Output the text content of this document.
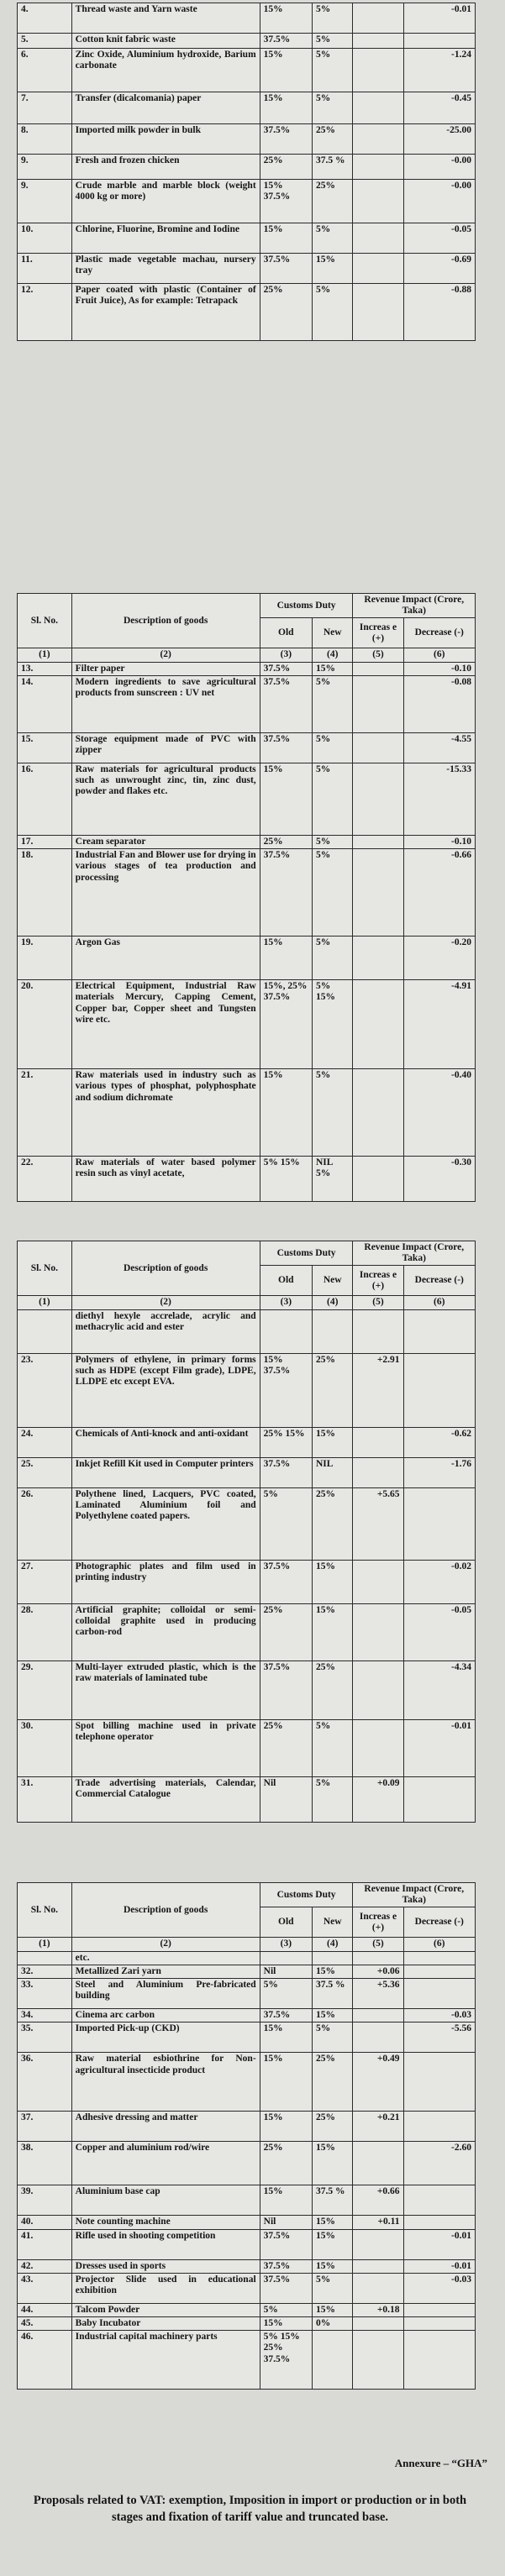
4.	Thread waste and Yarn waste	15%	5%		-0.01
5.	Cotton knit fabric waste	37.5%	5%		
6.	Zinc Oxide, Aluminium hydroxide, Barium carbonate	15%	5%		-1.24
7.	Transfer (dicalcomania) paper	15%	5%		-0.45
8.	Imported milk powder in bulk	37.5%	25%		-25.00
9.	Fresh and frozen chicken	25%	37.5 %		-0.00
9.	Crude marble and marble block (weight 4000 kg or more)	15% 37.5%	25%		-0.00
10.	Chlorine, Fluorine, Bromine and Iodine	15%	5%		-0.05
11.	Plastic made vegetable machau, nursery tray	37.5%	15%		-0.69
12.	Paper coated with plastic (Container of Fruit Juice), As for example: Tetrapack	25%	5%		-0.88
Sl. No.	Description of goods	Customs Duty		Revenue Impact (Crore, Taka)	
		Old	New	Increas e (+)	Decrease (-)
(1)	(2)	(3)	(4)	(5)	(6)
13.	Filter paper	37.5%	15%		-0.10
14.	Modern ingredients to save agricultural products from sunscreen : UV net	37.5%	5%		-0.08
15.	Storage equipment made of PVC with zipper	37.5%	5%		-4.55
16.	Raw materials for agricultural products such as unwrought zinc, tin, zinc dust, powder and flakes etc.	15%	5%		-15.33
17.	Cream separator	25%	5%		-0.10
18.	Industrial Fan and Blower use for drying in various stages of tea production and processing	37.5%	5%		-0.66
19.	Argon Gas	15%	5%		-0.20
20.	Electrical Equipment, Industrial Raw materials Mercury, Capping Cement, Copper bar, Copper sheet and Tungsten wire etc.	15%, 25% 37.5%	5% 15%		-4.91
21.	Raw materials used in industry such as various types of phosphat, polyphosphate and sodium dichromate	15%	5%		-0.40
22.	Raw materials of water based polymer resin such as vinyl acetate,	5% 15%	NIL 5%		-0.30
Sl. No.	Description of goods	Customs Duty		Revenue Impact (Crore, Taka)	
		Old	New	Increas e (+)	Decrease (-)
(1)	(2)	(3)	(4)	(5)	(6)
	diethyl hexyle accrelade, acrylic and methacrylic acid and ester				
23.	Polymers of ethylene, in primary forms such as HDPE (except Film grade), LDPE, LLDPE etc except EVA.	15% 37.5%	25%	+2.91	
24.	Chemicals of Anti-knock and anti-oxidant	25% 15%	15%		-0.62
25.	Inkjet Refill Kit used in Computer printers	37.5%	NIL		-1.76
26.	Polythene lined, Lacquers, PVC coated, Laminated Aluminium foil and Polyethylene coated papers.	5%	25%	+5.65	
27.	Photographic plates and film used in printing industry	37.5%	15%		-0.02
28.	Artificial graphite; colloidal or semi-colloidal graphite used in producing carbon-rod	25%	15%		-0.05
29.	Multi-layer extruded plastic, which is the raw materials of laminated tube	37.5%	25%		-4.34
30.	Spot billing machine used in private telephone operator	25%	5%		-0.01
31.	Trade advertising materials, Calendar, Commercial Catalogue	Nil	5%	+0.09	
Sl. No.	Description of goods	Customs Duty		Revenue Impact (Crore, Taka)	
		Old	New	Increas e (+)	Decrease (-)
(1)	(2)	(3)	(4)	(5)	(6)
	etc.				
32.	Metallized Zari yarn	Nil	15%	+0.06	
33.	Steel and Aluminium Pre-fabricated building	5%	37.5 %	+5.36	
34.	Cinema arc carbon	37.5%	15%		-0.03
35.	Imported Pick-up (CKD)	15%	5%		-5.56
36.	Raw material esbiothrine for Non-agricultural insecticide product	15%	25%	+0.49	
37.	Adhesive dressing and matter	15%	25%	+0.21	
38.	Copper and aluminium rod/wire	25%	15%		-2.60
39.	Aluminium base cap	15%	37.5 %	+0.66	
40.	Note counting machine	Nil	15%	+0.11	
41.	Rifle used in shooting competition	37.5%	15%		-0.01
42.	Dresses used in sports	37.5%	15%		-0.01
43.	Projector Slide used in educational exhibition	37.5%	5%		-0.03
44.	Talcom Powder	5%	15%	+0.18	
45.	Baby Incubator	15%	0%		
46.	Industrial capital machinery parts	5% 15% 25% 37.5%			
Annexure – “GHA”
Proposals related to VAT: exemption, Imposition in import or production or in both stages and fixation of tariff value and truncated base.
